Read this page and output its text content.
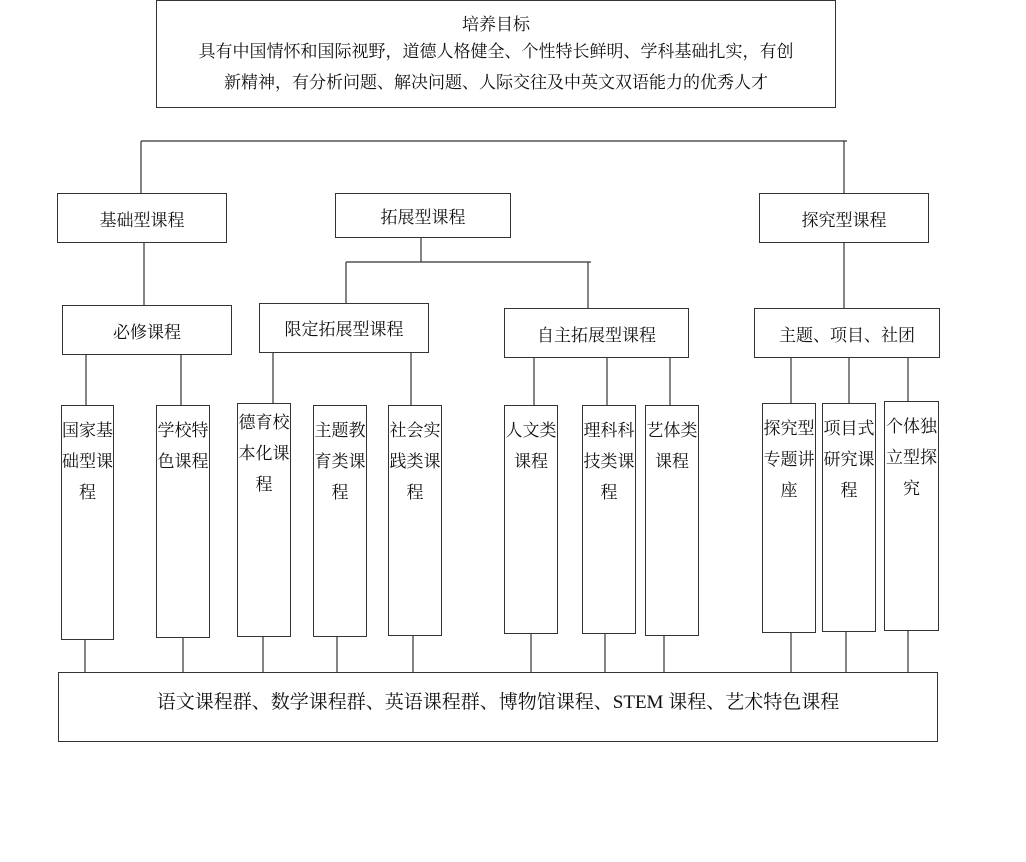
培养目标
具有中国情怀和国际视野，道德人格健全、个性特长鲜明、学科基础扎实，有创
新精神，有分析问题、解决问题、人际交往及中英文双语能力的优秀人才
基础型课程	拓展型课程	探究型课程
必修课程	限定拓展型课程	自主拓展型课程	主题、项目、社团
国家基础型课程
学校特色课程
德育校本化课程
主题教育类课程
社会实践类课程
人文类课程
理科科技类课程
艺体类课程
探究型专题讲座
项目式研究课程
个体独立型探究
语文课程群、数学课程群、英语课程群、博物馆课程、STEM 课程、艺术特色课程
